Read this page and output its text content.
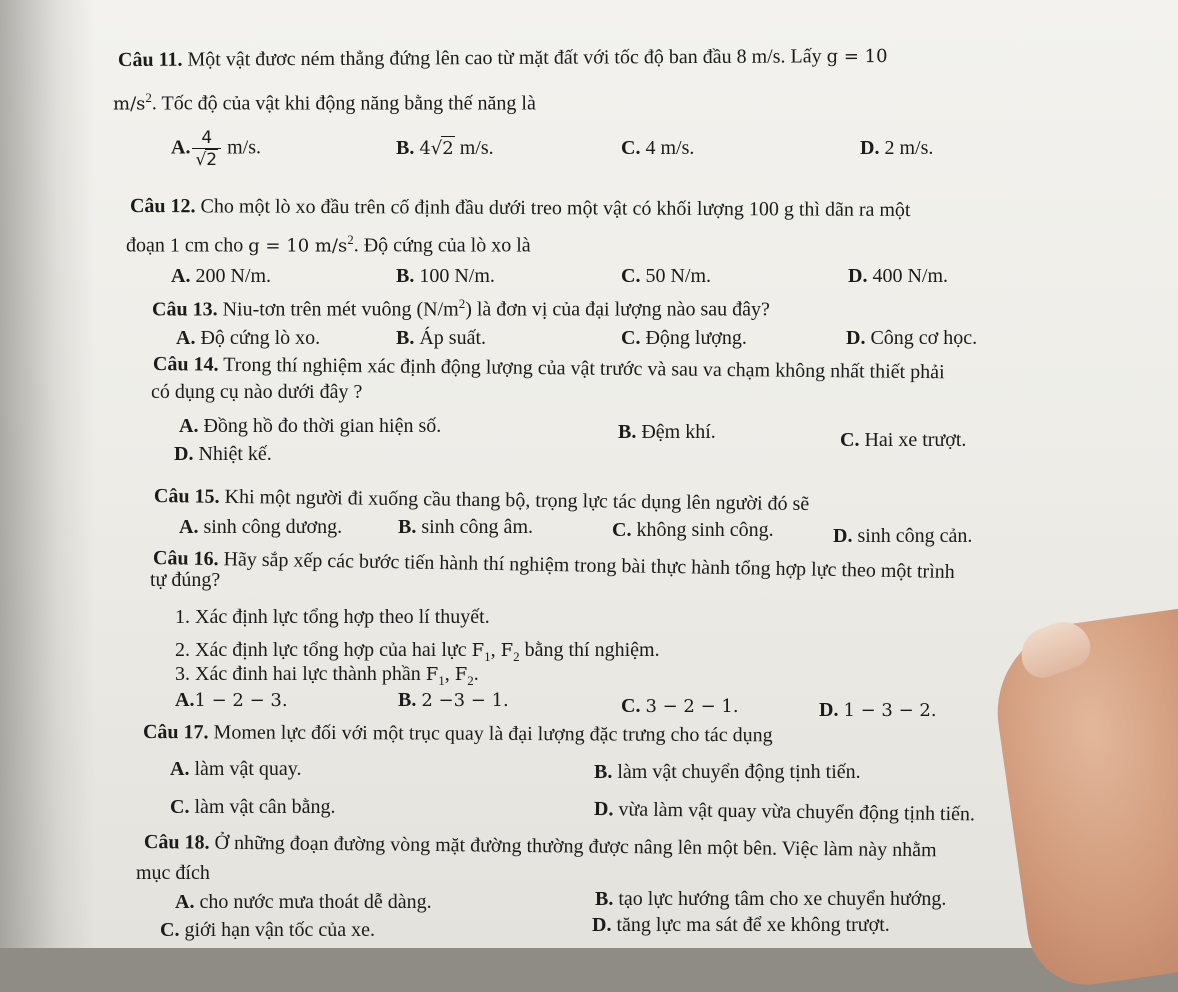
Câu 11. Một vật đươc ném thẳng đứng lên cao từ mặt đất với tốc độ ban đầu 8 m/s. Lấy g = 10
$m/s^2$. Tốc độ của vật khi động năng bằng thế năng là
A. $\frac{4}{√2} m/s$.	B. 4√2 m/s.	C. 4 m/s.	D. 2 m/s.
Câu 12. Cho một lò xo đầu trên cố định đầu dưới treo một vật có khối lượng 100 g thì dãn ra một
đoạn 1 cm cho g = 10 $m/s^2$. Độ cứng của lò xo là
A. 200 N/m.	B. 100 N/m.	C. 50 N/m.	D. 400 N/m.
Câu 13. Niu-tơn trên mét vuông $(N/m^2)$ là đơn vị của đại lượng nào sau đây?
A. Độ cứng lò xo.	B. Áp suất.	C. Động lượng.	D. Công cơ học.
Câu 14. Trong thí nghiệm xác định động lượng của vật trước và sau va chạm không nhất thiết phải
có dụng cụ nào dưới đây ?
A. Đồng hồ đo thời gian hiện số.	B. Đệm khí.	C. Hai xe trượt.
D. Nhiệt kế.
Câu 15. Khi một người đi xuống cầu thang bộ, trọng lực tác dụng lên người đó sẽ
A. sinh công dương.	B. sinh công âm.	C. không sinh công.	D. sinh công cản.
Câu 16. Hãy sắp xếp các bước tiến hành thí nghiệm trong bài thực hành tổng hợp lực theo một trình
tự đúng?
1. Xác định lực tổng hợp theo lí thuyết.
2. Xác định lực tổng hợp của hai lực $F_1$, $F_2$ bằng thí nghiệm.
3. Xác đinh hai lực thành phần $F_1$, $F_2$.
A.1 − 2 − 3.	B. 2 −3 − 1.	C. 3 − 2 − 1.	D. 1 − 3 − 2.
Câu 17. Momen lực đối với một trục quay là đại lượng đặc trưng cho tác dụng
A. làm vật quay.	B. làm vật chuyển động tịnh tiến.
C. làm vật cân bằng.	D. vừa làm vật quay vừa chuyển động tịnh tiến.
Câu 18. Ở những đoạn đường vòng mặt đường thường được nâng lên một bên. Việc làm này nhằm
mục đích
A. cho nước mưa thoát dễ dàng.	B. tạo lực hướng tâm cho xe chuyển hướng.
C. giới hạn vận tốc của xe.	D. tăng lực ma sát để xe không trượt.
